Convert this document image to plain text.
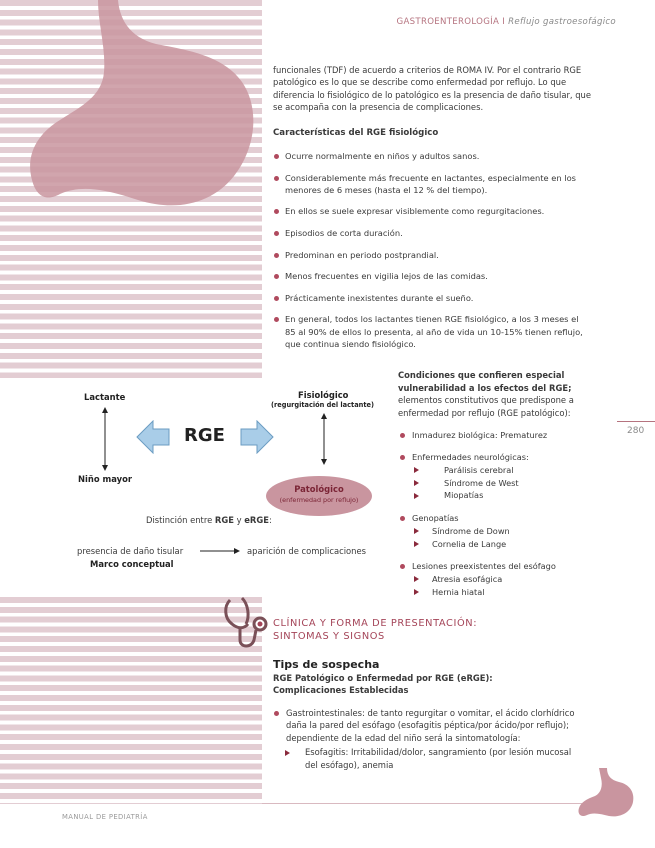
GASTROENTEROLOGÍA I Reflujo gastroesofágico
funcionales (TDF) de acuerdo a criterios de ROMA IV. Por el contrario RGE patológico es lo que se describe como enfermedad por reflujo. Lo que diferencia lo fisiológico de lo patológico es la presencia de daño tisular, que se acompaña con la presencia de complicaciones.
Características del RGE fisiológico
Ocurre normalmente en niños y adultos sanos.
Considerablemente más frecuente en lactantes, especialmente en los menores de 6 meses (hasta el 12 % del tiempo).
En ellos se suele expresar visiblemente como regurgitaciones.
Episodios de corta duración.
Predominan en periodo postprandial.
Menos frecuentes en vigilia lejos de las comidas.
Prácticamente inexistentes durante el sueño.
En general, todos los lactantes tienen RGE fisiológico, a los 3 meses el 85 al 90% de ellos lo presenta, al año de vida un 10-15% tienen reflujo, que continua siendo fisiológico.
Lactante
Niño mayor
RGE
Fisiológico
(regurgitación del lactante)
Patológico
(enfermedad por reflujo)
Distinción entre RGE y eRGE:
presencia de daño tisular	aparición de complicaciones
Marco conceptual
Condiciones que confieren especial vulnerabilidad a los efectos del RGE; elementos constitutivos que predispone a enfermedad por reflujo (RGE patológico):
Inmadurez biológica: Prematurez
Enfermedades neurológicas:
Parálisis cerebral
Síndrome de West
Miopatías
Genopatías
Síndrome de Down
Cornelia de Lange
Lesiones preexistentes del esófago
Atresia esofágica
Hernia hiatal
280
CLÍNICA Y FORMA DE PRESENTACIÓN:
SINTOMAS Y SIGNOS
Tips de sospecha
RGE Patológico o Enfermedad por RGE (eRGE):
Complicaciones Establecidas
Gastrointestinales: de tanto regurgitar o vomitar, el ácido clorhídrico daña la pared del esófago (esofagitis péptica/por ácido/por reflujo); dependiente de la edad del niño será la sintomatología:
Esofagitis: Irritabilidad/dolor, sangramiento (por lesión mucosal del esófago), anemia
MANUAL DE PEDIATRÍA
